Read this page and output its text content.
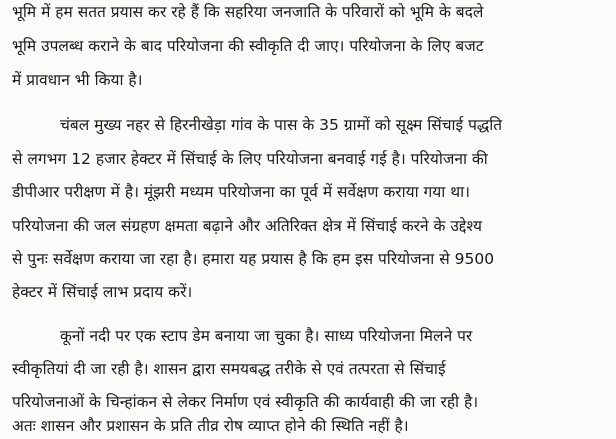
भूमि में हम सतत प्रयास कर रहे हैं कि सहरिया जनजाति के परिवारों को भूमि के बदले
भूमि उपलब्ध कराने के बाद परियोजना की स्वीकृति दी जाए। परियोजना के लिए बजट
में प्रावधान भी किया है।
चंबल मुख्य नहर से हिरनीखेड़ा गांव के पास के 35 ग्रामों को सूक्ष्म सिंचाई पद्धति
से लगभग 12 हजार हेक्टर में सिंचाई के लिए परियोजना बनवाई गई है। परियोजना की
डीपीआर परीक्षण में है। मूंझरी मध्यम परियोजना का पूर्व में सर्वेक्षण कराया गया था।
परियोजना की जल संग्रहण क्षमता बढ़ाने और अतिरिक्त क्षेत्र में सिंचाई करने के उद्देश्य
से पुनः सर्वेक्षण कराया जा रहा है। हमारा यह प्रयास है कि हम इस परियोजना से 9500
हेक्टर में सिंचाई लाभ प्रदाय करें।
कूनों नदी पर एक स्टाप डेम बनाया जा चुका है। साध्य परियोजना मिलने पर
स्वीकृतियां दी जा रही है। शासन द्वारा समयबद्ध तरीके से एवं तत्परता से सिंचाई
परियोजनाओं के चिन्हांकन से लेकर निर्माण एवं स्वीकृति की कार्यवाही की जा रही है।
अतः शासन और प्रशासन के प्रति तीव्र रोष व्याप्त होने की स्थिति नहीं है।
